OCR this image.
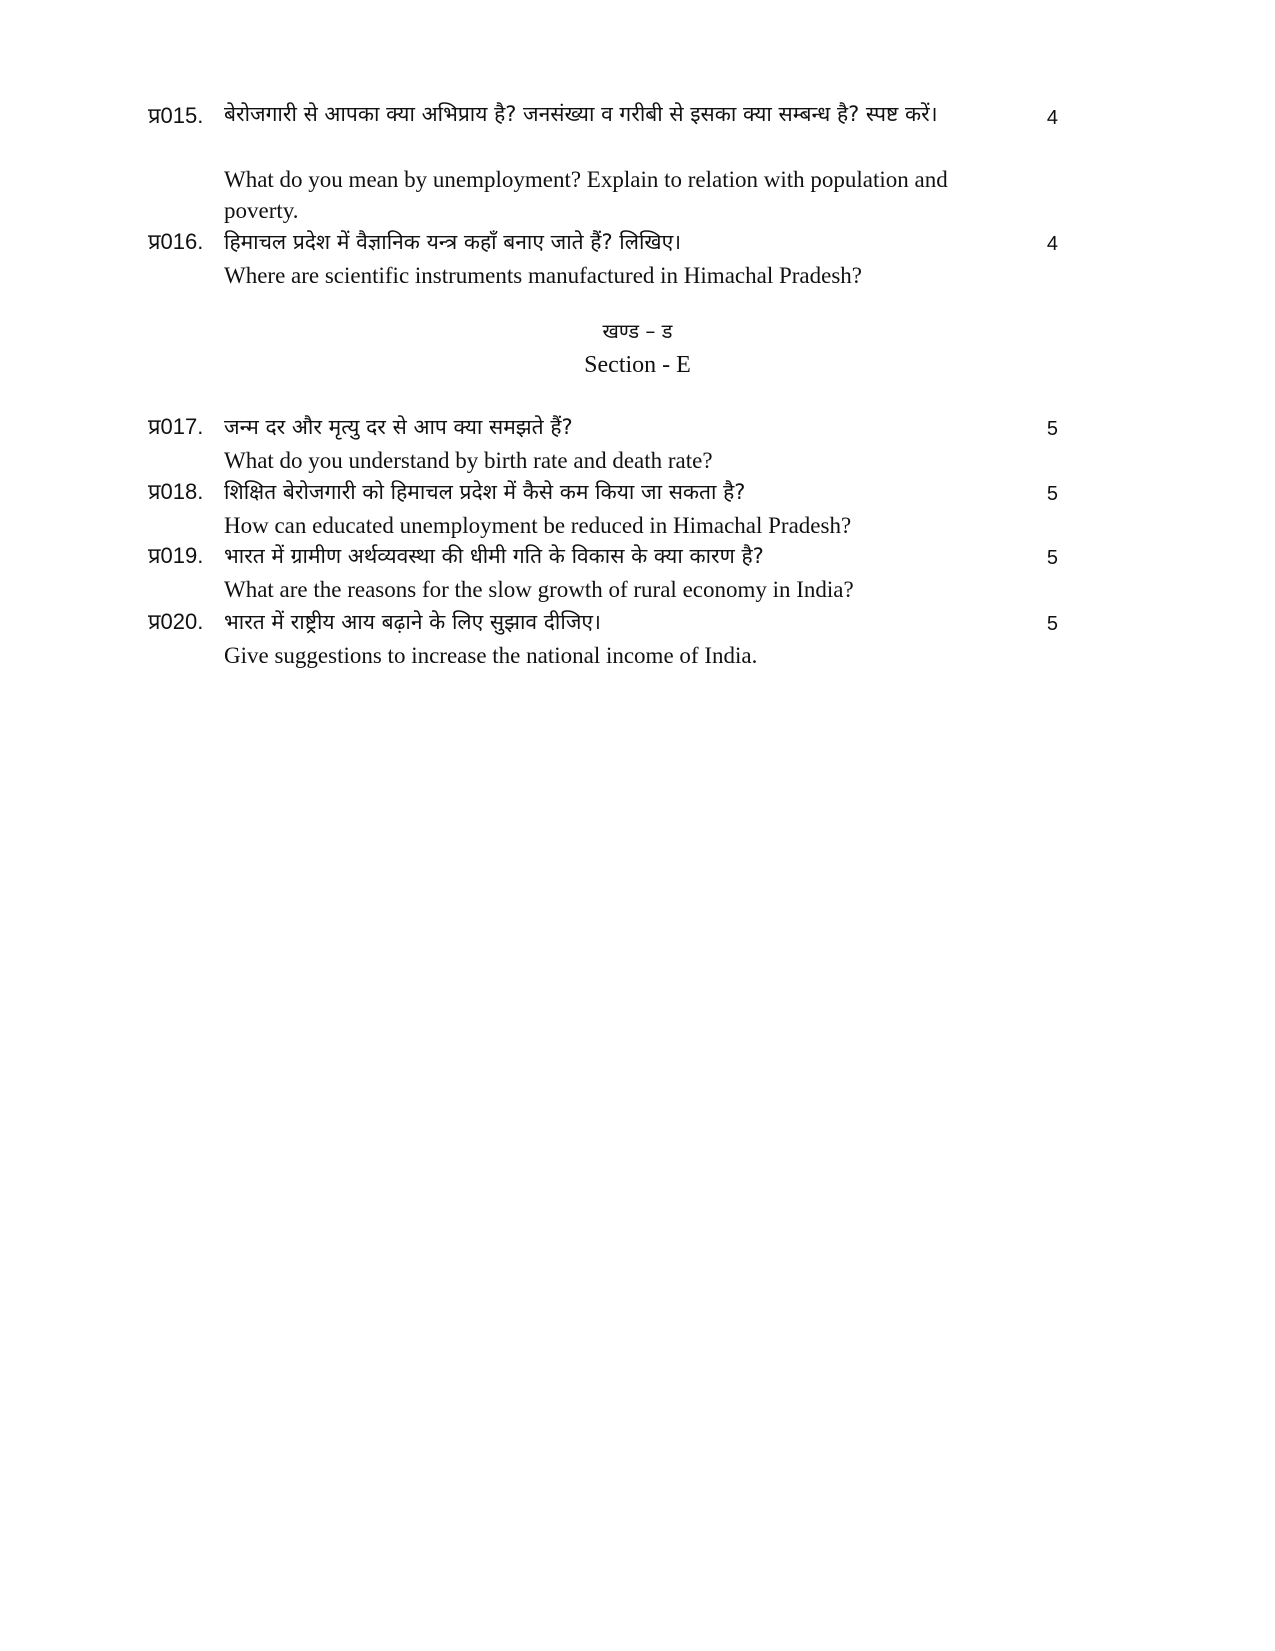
प्र015. बेरोजगारी से आपका क्या अभिप्राय है? जनसंख्या व गरीबी से इसका क्या सम्बन्ध है? स्पष्ट करें।	4
What do you mean by unemployment? Explain to relation with population and poverty.
प्र016. हिमाचल प्रदेश में वैज्ञानिक यन्त्र कहाँ बनाए जाते हैं? लिखिए।	4
Where are scientific instruments manufactured in Himachal Pradesh?
खण्ड – ड
Section - E
प्र017. जन्म दर और मृत्यु दर से आप क्या समझते हैं?	5
What do you understand by birth rate and death rate?
प्र018. शिक्षित बेरोजगारी को हिमाचल प्रदेश में कैसे कम किया जा सकता है?	5
How can educated unemployment be reduced in Himachal Pradesh?
प्र019. भारत में ग्रामीण अर्थव्यवस्था की धीमी गति के विकास के क्या कारण है?	5
What are the reasons for the slow growth of rural economy in India?
प्र020. भारत में राष्ट्रीय आय बढ़ाने के लिए सुझाव दीजिए।	5
Give suggestions to increase the national income of India.
